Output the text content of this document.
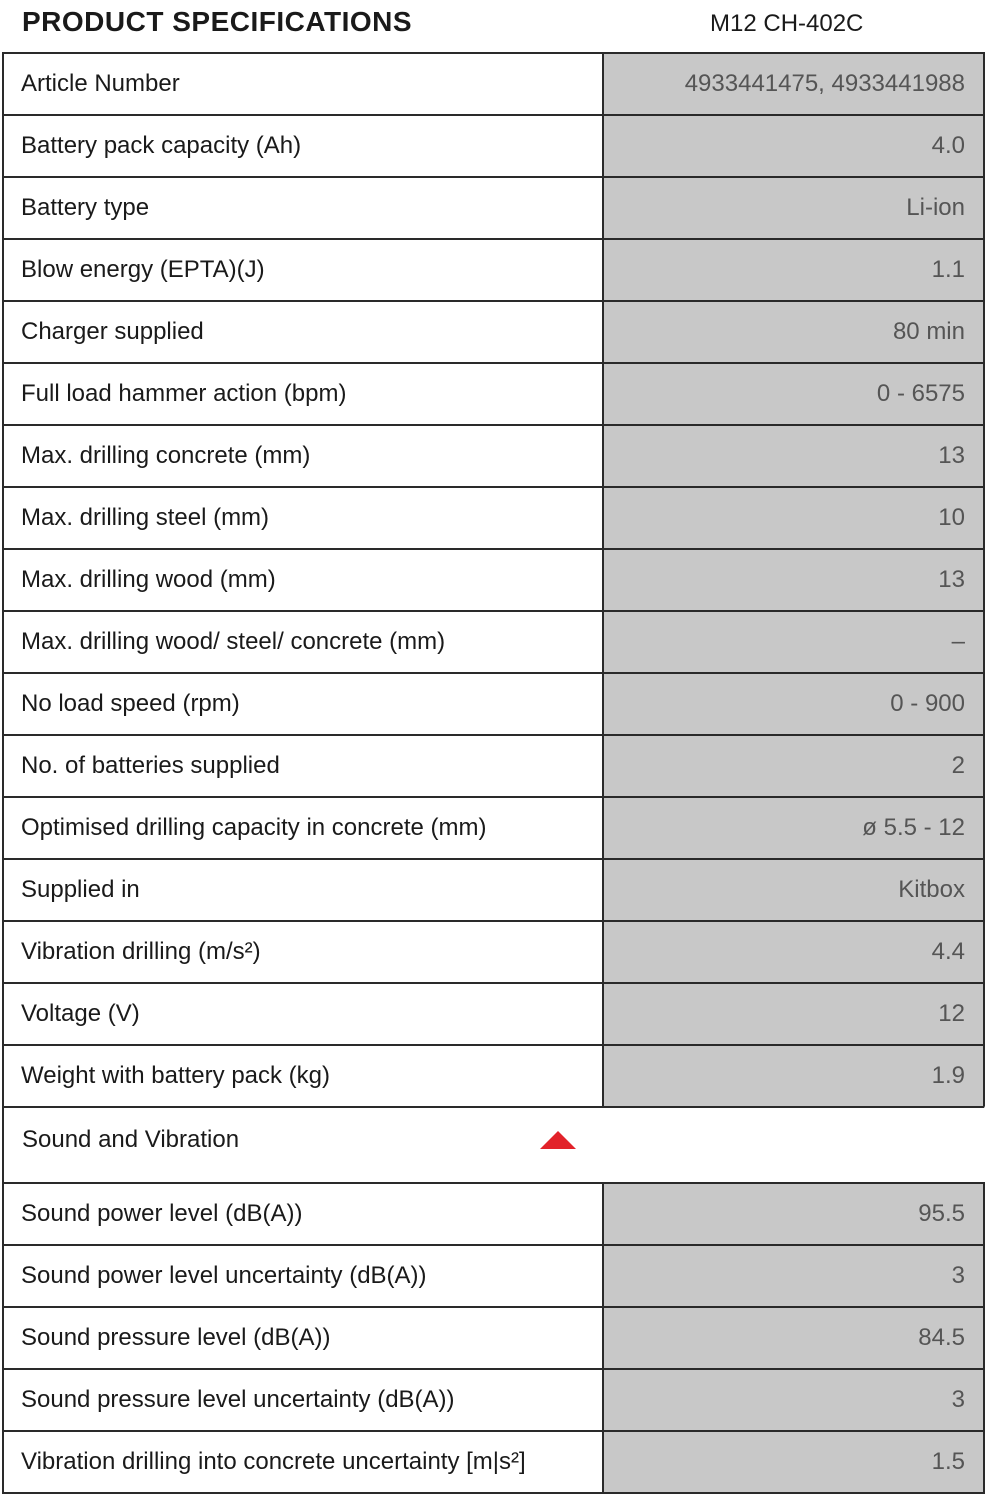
PRODUCT SPECIFICATIONS	M12 CH-402C
Article Number	4933441475, 4933441988
Battery pack capacity (Ah)	4.0
Battery type	Li-ion
Blow energy (EPTA)(J)	1.1
Charger supplied	80 min
Full load hammer action (bpm)	0 - 6575
Max. drilling concrete (mm)	13
Max. drilling steel (mm)	10
Max. drilling wood (mm)	13
Max. drilling wood/ steel/ concrete (mm)	–
No load speed (rpm)	0 - 900
No. of batteries supplied	2
Optimised drilling capacity in concrete (mm)	ø 5.5 - 12
Supplied in	Kitbox
Vibration drilling (m/s²)	4.4
Voltage (V)	12
Weight with battery pack (kg)	1.9
Sound and Vibration
Sound power level (dB(A))	95.5
Sound power level uncertainty (dB(A))	3
Sound pressure level (dB(A))	84.5
Sound pressure level uncertainty (dB(A))	3
Vibration drilling into concrete uncertainty [m|s²]	1.5
